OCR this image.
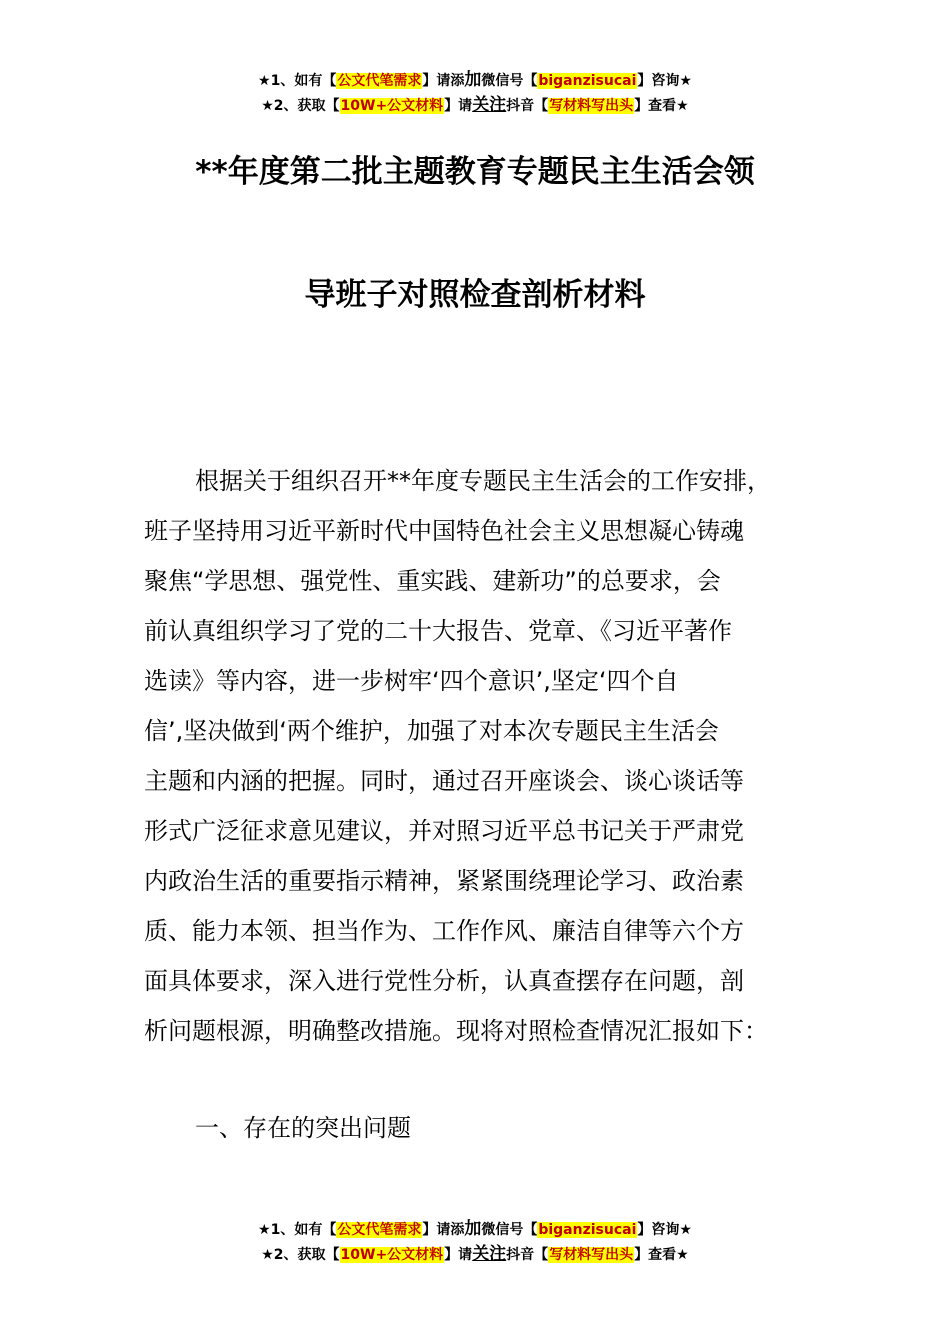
★1、如有【公文代笔需求】请添加微信号【biganzisucai】咨询★
★2、获取【10W+公文材料】请关注抖音【写材料写出头】查看★
**年度第二批主题教育专题民主生活会领
导班子对照检查剖析材料
根据关于组织召开**年度专题民主生活会的工作安排，
班子坚持用习近平新时代中国特色社会主义思想凝心铸魂
聚焦“学思想、强党性、重实践、建新功”的总要求，会
前认真组织学习了党的二十大报告、党章、《习近平著作
选读》等内容，进一步树牢‘四个意识’,坚定‘四个自
信’,坚决做到‘两个维护，加强了对本次专题民主生活会
主题和内涵的把握。同时，通过召开座谈会、谈心谈话等
形式广泛征求意见建议，并对照习近平总书记关于严肃党
内政治生活的重要指示精神，紧紧围绕理论学习、政治素
质、能力本领、担当作为、工作作风、廉洁自律等六个方
面具体要求，深入进行党性分析，认真查摆存在问题，剖
析问题根源，明确整改措施。现将对照检查情况汇报如下：
一、存在的突出问题
★1、如有【公文代笔需求】请添加微信号【biganzisucai】咨询★
★2、获取【10W+公文材料】请关注抖音【写材料写出头】查看★
